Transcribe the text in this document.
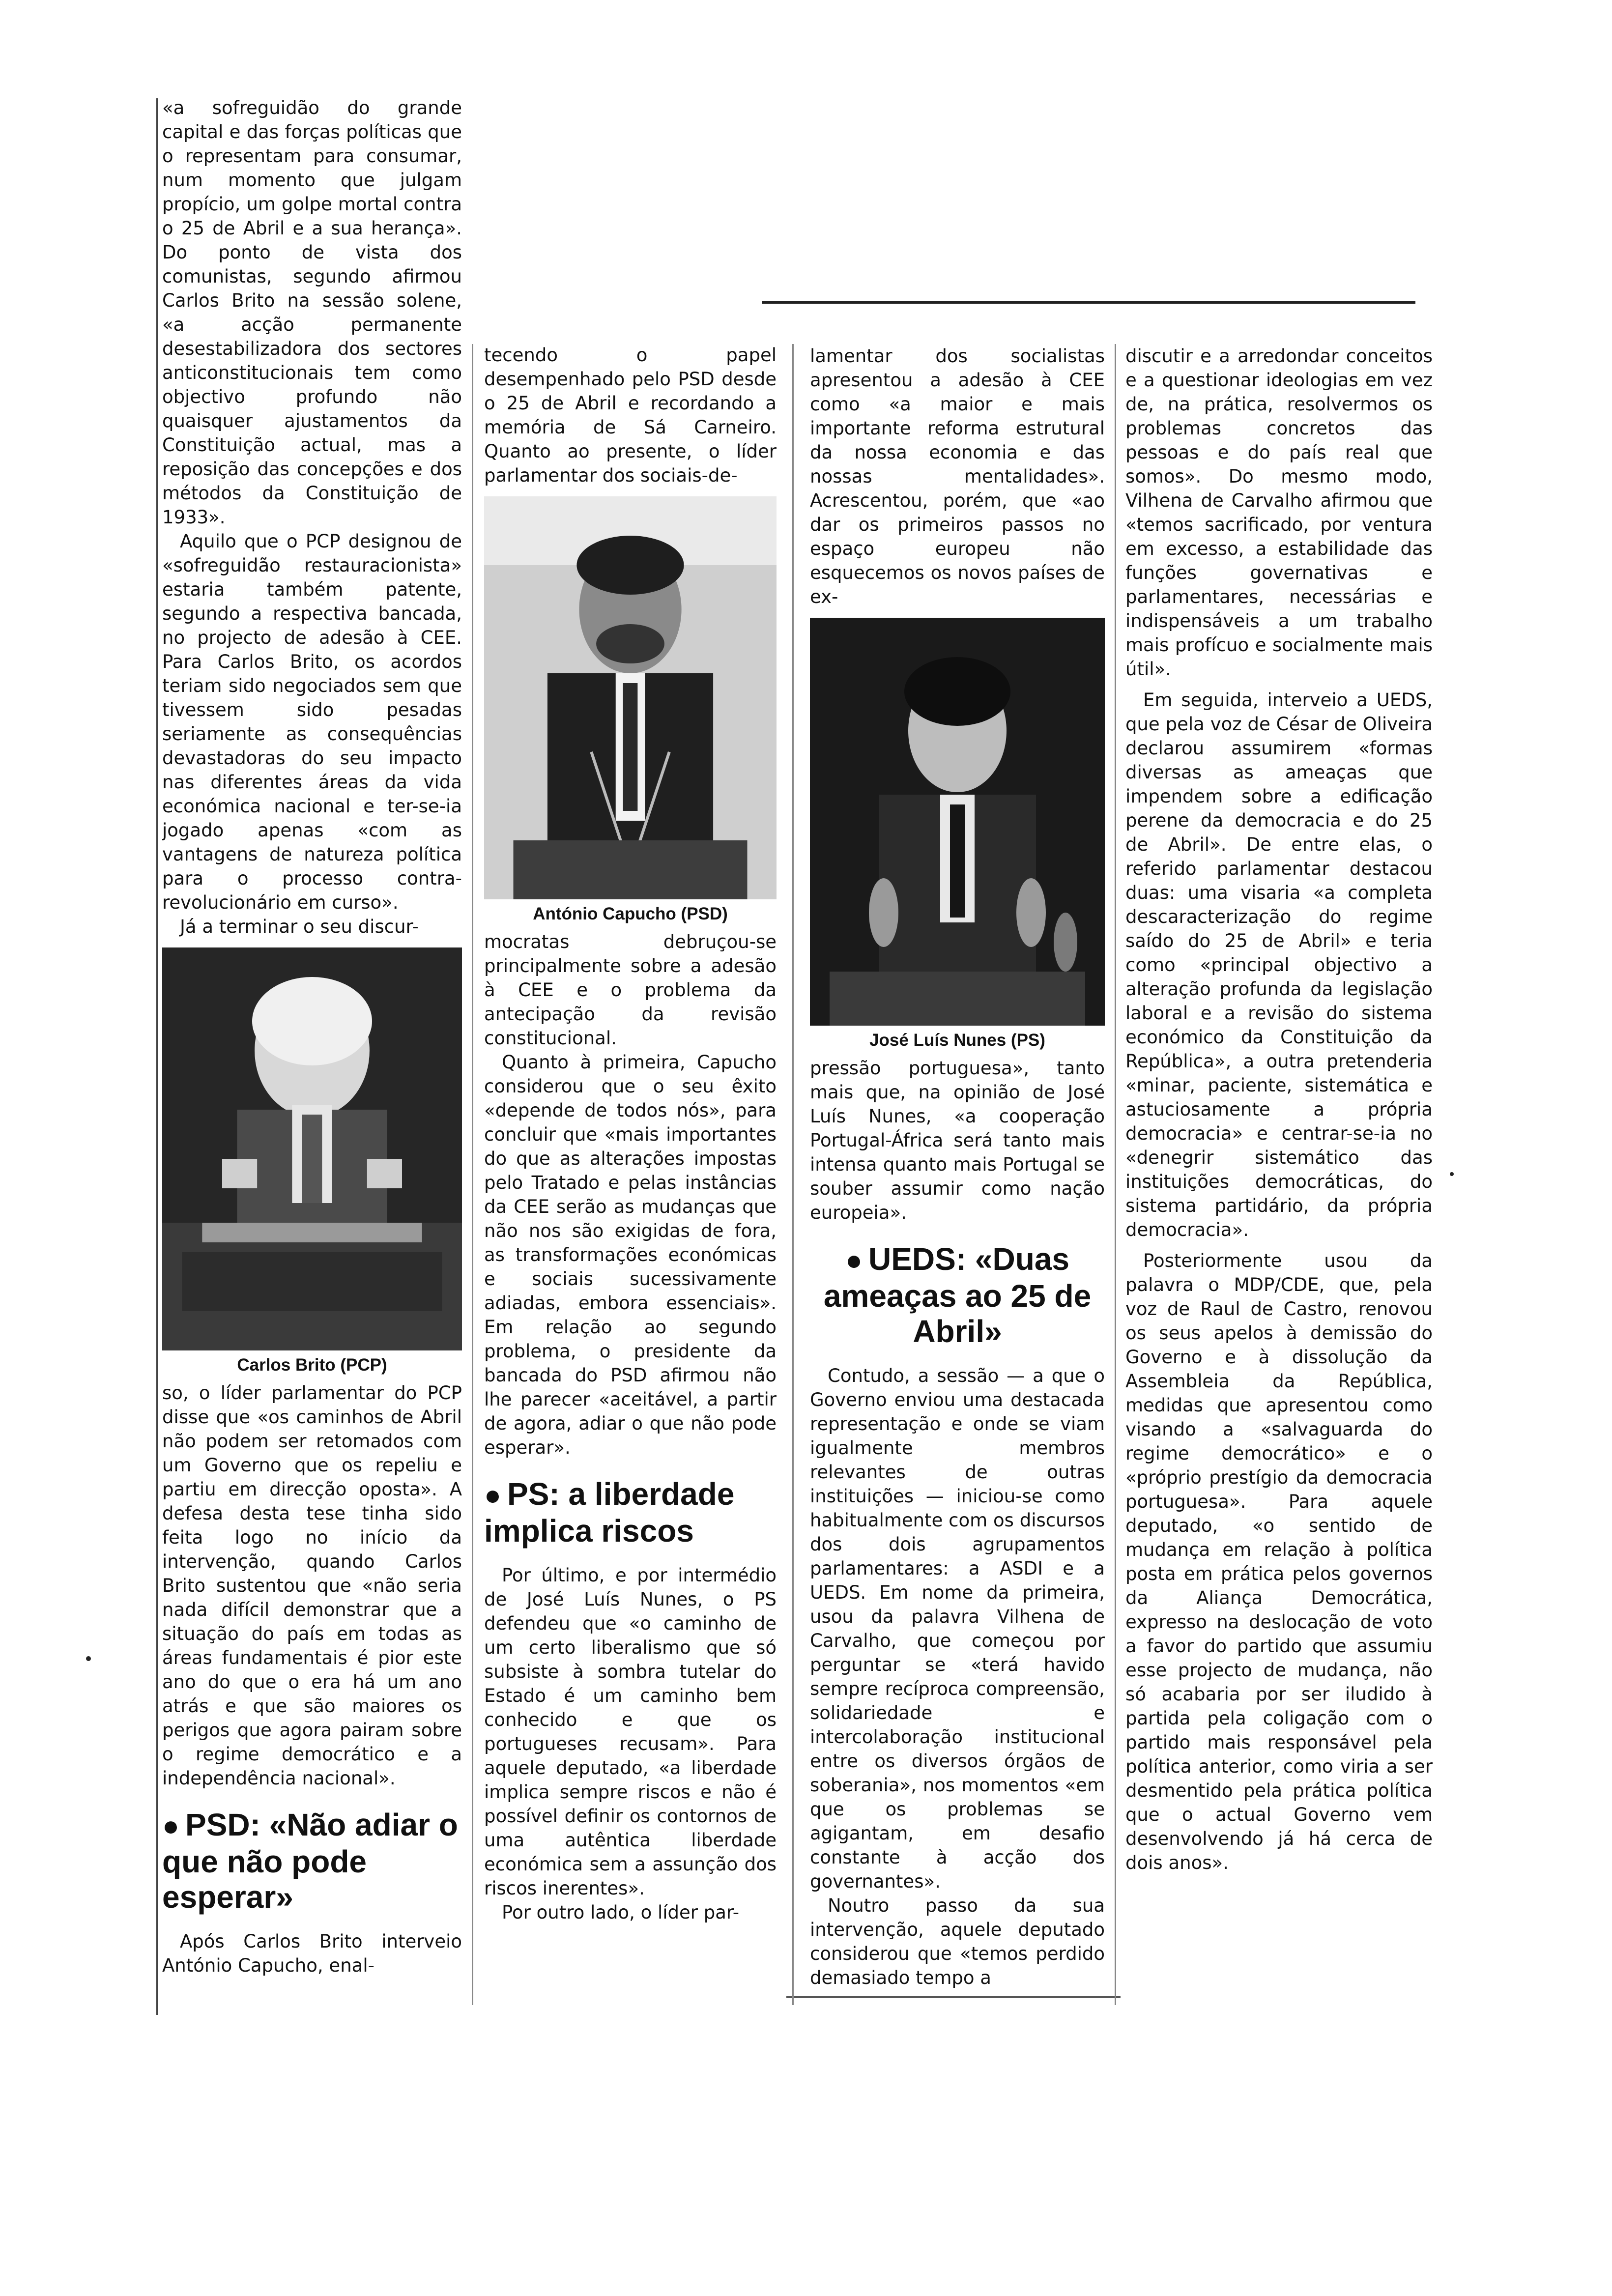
«a sofreguidão do grande capital e das forças políticas que o representam para consumar, num momento que julgam propício, um golpe mortal contra o 25 de Abril e a sua herança». Do ponto de vista dos comunistas, segundo afirmou Carlos Brito na sessão solene, «a acção permanente desestabilizadora dos sectores anticonstitucionais tem como objectivo profundo não quaisquer ajustamentos da Constituição actual, mas a reposição das concepções e dos métodos da Constituição de 1933».

Aquilo que o PCP designou de «sofreguidão restauracionista» estaria também patente, segundo a respectiva bancada, no projecto de adesão à CEE. Para Carlos Brito, os acordos teriam sido negociados sem que tivessem sido pesadas seriamente as consequências devastadoras do seu impacto nas diferentes áreas da vida económica nacional e ter-se-ia jogado apenas «com as vantagens de natureza política para o processo contra-revolucionário em curso».

Já a terminar o seu discur-

Carlos Brito (PCP)

so, o líder parlamentar do PCP disse que «os caminhos de Abril não podem ser retomados com um Governo que os repeliu e partiu em direcção oposta». A defesa desta tese tinha sido feita logo no início da intervenção, quando Carlos Brito sustentou que «não seria nada difícil demonstrar que a situação do país em todas as áreas fundamentais é pior este ano do que o era há um ano atrás e que são maiores os perigos que agora pairam sobre o regime democrático e a independência nacional».

● PSD: «Não adiar o que não pode esperar»

Após Carlos Brito interveio António Capucho, enal-

tecendo o papel desempenhado pelo PSD desde o 25 de Abril e recordando a memória de Sá Carneiro. Quanto ao presente, o líder parlamentar dos sociais-de-

António Capucho (PSD)

mocratas debruçou-se principalmente sobre a adesão à CEE e o problema da antecipação da revisão constitucional.

Quanto à primeira, Capucho considerou que o seu êxito «depende de todos nós», para concluir que «mais importantes do que as alterações impostas pelo Tratado e pelas instâncias da CEE serão as mudanças que não nos são exigidas de fora, as transformações económicas e sociais sucessivamente adiadas, embora essenciais». Em relação ao segundo problema, o presidente da bancada do PSD afirmou não lhe parecer «aceitável, a partir de agora, adiar o que não pode esperar».

● PS: a liberdade implica riscos

Por último, e por intermédio de José Luís Nunes, o PS defendeu que «o caminho de um certo liberalismo que só subsiste à sombra tutelar do Estado é um caminho bem conhecido e que os portugueses recusam». Para aquele deputado, «a liberdade implica sempre riscos e não é possível definir os contornos de uma autêntica liberdade económica sem a assunção dos riscos inerentes».

Por outro lado, o líder par-

lamentar dos socialistas apresentou a adesão à CEE como «a maior e mais importante reforma estrutural da nossa economia e das nossas mentalidades». Acrescentou, porém, que «ao dar os primeiros passos no espaço europeu não esquecemos os novos países de ex-

José Luís Nunes (PS)

pressão portuguesa», tanto mais que, na opinião de José Luís Nunes, «a cooperação Portugal-África será tanto mais intensa quanto mais Portugal se souber assumir como nação europeia».

● UEDS: «Duas ameaças ao 25 de Abril»

Contudo, a sessão — a que o Governo enviou uma destacada representação e onde se viam igualmente membros relevantes de outras instituições — iniciou-se como habitualmente com os discursos dos dois agrupamentos parlamentares: a ASDI e a UEDS. Em nome da primeira, usou da palavra Vilhena de Carvalho, que começou por perguntar se «terá havido sempre recíproca compreensão, solidariedade e intercolaboração institucional entre os diversos órgãos de soberania», nos momentos «em que os problemas se agigantam, em desafio constante à acção dos governantes».

Noutro passo da sua intervenção, aquele deputado considerou que «temos perdido demasiado tempo a

discutir e a arredondar conceitos e a questionar ideologias em vez de, na prática, resolvermos os problemas concretos das pessoas e do país real que somos». Do mesmo modo, Vilhena de Carvalho afirmou que «temos sacrificado, por ventura em excesso, a estabilidade das funções governativas e parlamentares, necessárias e indispensáveis a um trabalho mais profícuo e socialmente mais útil».

Em seguida, interveio a UEDS, que pela voz de César de Oliveira declarou assumirem «formas diversas as ameaças que impendem sobre a edificação perene da democracia e do 25 de Abril». De entre elas, o referido parlamentar destacou duas: uma visaria «a completa descaracterização do regime saído do 25 de Abril» e teria como «principal objectivo a alteração profunda da legislação laboral e a revisão do sistema económico da Constituição da República», a outra pretenderia «minar, paciente, sistemática e astuciosamente a própria democracia» e centrar-se-ia no «denegrir sistemático das instituições democráticas, do sistema partidário, da própria democracia».

Posteriormente usou da palavra o MDP/CDE, que, pela voz de Raul de Castro, renovou os seus apelos à demissão do Governo e à dissolução da Assembleia da República, medidas que apresentou como visando a «salvaguarda do regime democrático» e o «próprio prestígio da democracia portuguesa». Para aquele deputado, «o sentido de mudança em relação à política posta em prática pelos governos da Aliança Democrática, expresso na deslocação de voto a favor do partido que assumiu esse projecto de mudança, não só acabaria por ser iludido à partida pela coligação com o partido mais responsável pela política anterior, como viria a ser desmentido pela prática política que o actual Governo vem desenvolvendo já há cerca de dois anos».
